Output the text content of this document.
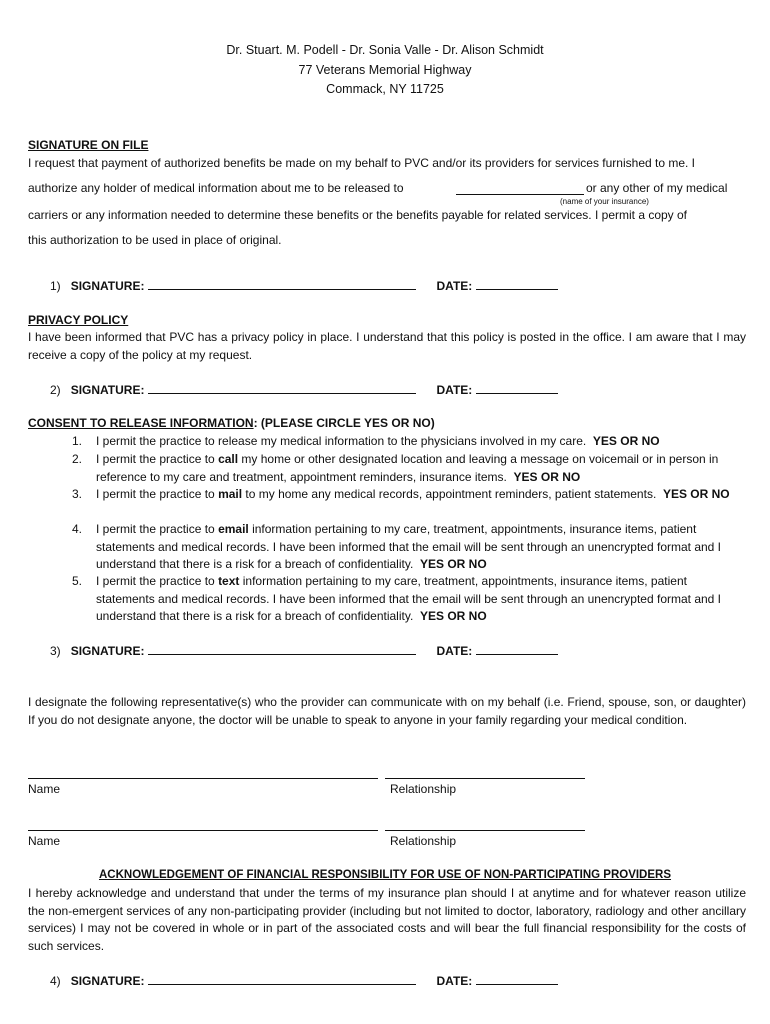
Dr. Stuart. M. Podell - Dr. Sonia Valle - Dr. Alison Schmidt
77 Veterans Memorial Highway
Commack, NY 11725
SIGNATURE ON FILE
I request that payment of authorized benefits be made on my behalf to PVC and/or its providers for services furnished to me. I
authorize any holder of medical information about me to be released to	or any other of my medical
(name of your insurance)
carriers or any information needed to determine these benefits or the benefits payable for related services. I permit a copy of
this authorization to be used in place of original.
1) SIGNATURE:	DATE:
PRIVACY POLICY
I have been informed that PVC has a privacy policy in place. I understand that this policy is posted in the office. I am aware that I may receive a copy of the policy at my request.
2) SIGNATURE:	DATE:
CONSENT TO RELEASE INFORMATION: (PLEASE CIRCLE YES OR NO)
1. I permit the practice to release my medical information to the physicians involved in my care. YES OR NO
2. I permit the practice to call my home or other designated location and leaving a message on voicemail or in person in reference to my care and treatment, appointment reminders, insurance items. YES OR NO
3. I permit the practice to mail to my home any medical records, appointment reminders, patient statements. YES OR NO
4. I permit the practice to email information pertaining to my care, treatment, appointments, insurance items, patient statements and medical records. I have been informed that the email will be sent through an unencrypted format and I understand that there is a risk for a breach of confidentiality. YES OR NO
5. I permit the practice to text information pertaining to my care, treatment, appointments, insurance items, patient statements and medical records. I have been informed that the email will be sent through an unencrypted format and I understand that there is a risk for a breach of confidentiality. YES OR NO
3) SIGNATURE:	DATE:
I designate the following representative(s) who the provider can communicate with on my behalf (i.e. Friend, spouse, son, or daughter) If you do not designate anyone, the doctor will be unable to speak to anyone in your family regarding your medical condition.
Name	Relationship
Name	Relationship
ACKNOWLEDGEMENT OF FINANCIAL RESPONSIBILITY FOR USE OF NON-PARTICIPATING PROVIDERS
I hereby acknowledge and understand that under the terms of my insurance plan should I at anytime and for whatever reason utilize the non-emergent services of any non-participating provider (including but not limited to doctor, laboratory, radiology and other ancillary services) I may not be covered in whole or in part of the associated costs and will bear the full financial responsibility for the costs of such services.
4) SIGNATURE:	DATE:
